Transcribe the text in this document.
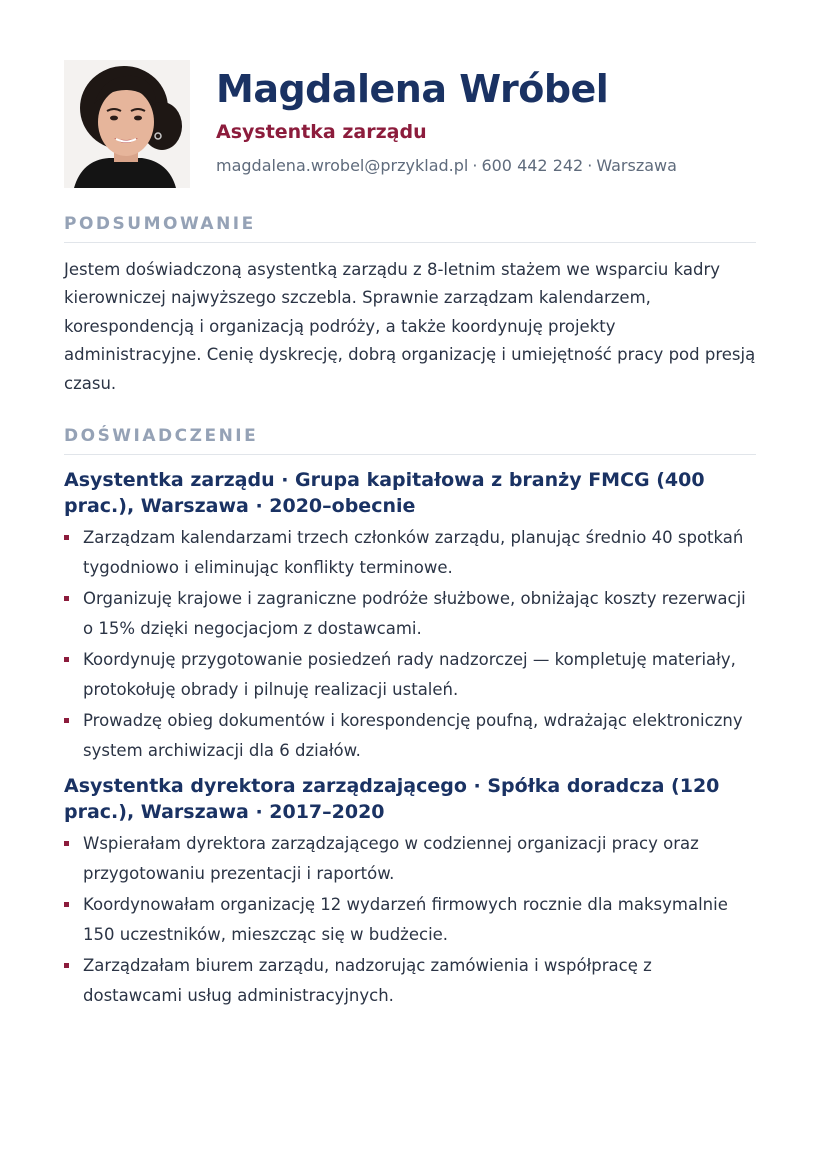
Magdalena Wróbel
Asystentka zarządu
magdalena.wrobel@przyklad.pl · 600 442 242 · Warszawa
PODSUMOWANIE

Jestem doświadczoną asystentką zarządu z 8-letnim stażem we wsparciu kadry kierowniczej najwyższego szczebla. Sprawnie zarządzam kalendarzem, korespondencją i organizacją podróży, a także koordynuję projekty administracyjne. Cenię dyskrecję, dobrą organizację i umiejętność pracy pod presją czasu.

DOŚWIADCZENIE
Asystentka zarządu · Grupa kapitałowa z branży FMCG (400 prac.), Warszawa · 2020–obecnie
Zarządzam kalendarzami trzech członków zarządu, planując średnio 40 spotkań tygodniowo i eliminując konflikty terminowe.
Organizuję krajowe i zagraniczne podróże służbowe, obniżając koszty rezerwacji o 15% dzięki negocjacjom z dostawcami.
Koordynuję przygotowanie posiedzeń rady nadzorczej — kompletuję materiały, protokołuję obrady i pilnuję realizacji ustaleń.
Prowadzę obieg dokumentów i korespondencję poufną, wdrażając elektroniczny system archiwizacji dla 6 działów.
Asystentka dyrektora zarządzającego · Spółka doradcza (120 prac.), Warszawa · 2017–2020
Wspierałam dyrektora zarządzającego w codziennej organizacji pracy oraz przygotowaniu prezentacji i raportów.
Koordynowałam organizację 12 wydarzeń firmowych rocznie dla maksymalnie 150 uczestników, mieszcząc się w budżecie.
Zarządzałam biurem zarządu, nadzorując zamówienia i współpracę z dostawcami usług administracyjnych.
